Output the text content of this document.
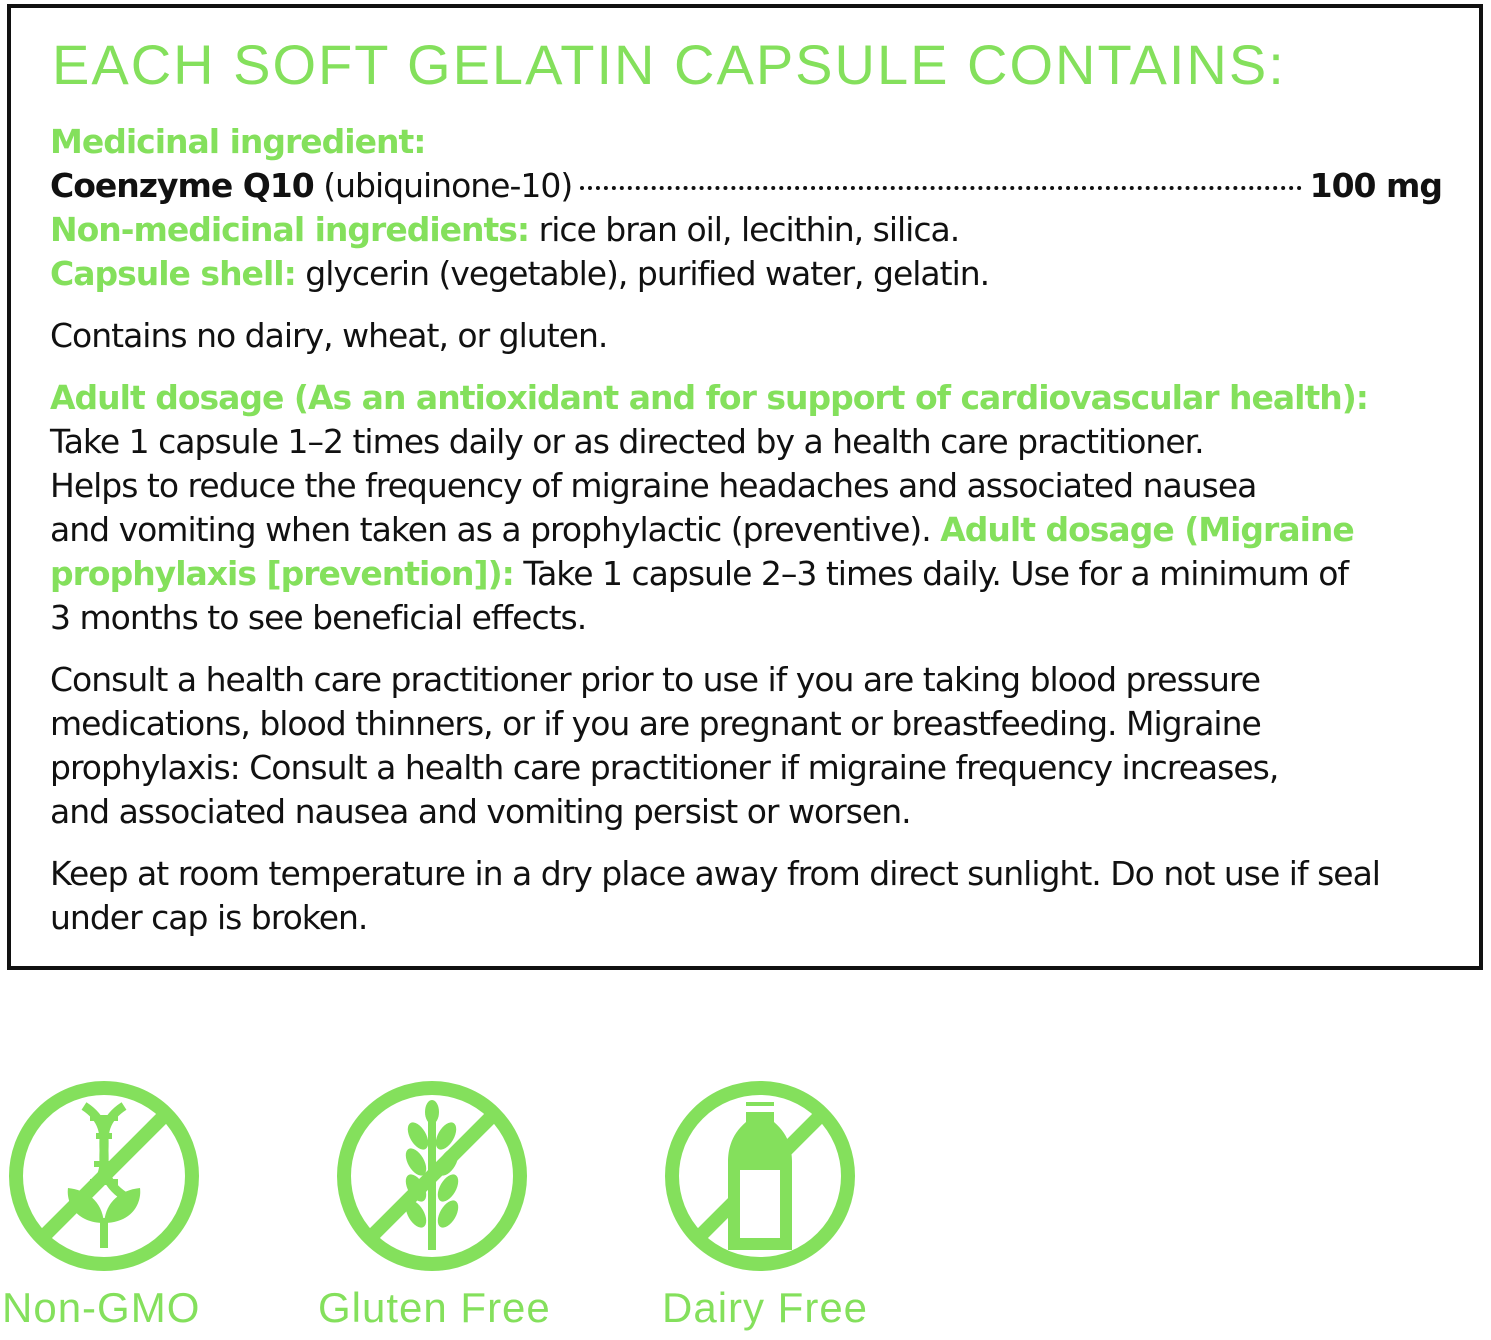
EACH SOFT GELATIN CAPSULE CONTAINS:
Medicinal ingredient:
Coenzyme Q10
(ubiquinone-10)	100 mg
Non-medicinal ingredients: rice bran oil, lecithin, silica.
Capsule shell: glycerin (vegetable), purified water, gelatin.
Contains no dairy, wheat, or gluten.
Adult dosage (As an antioxidant and for support of cardiovascular health):
Take 1 capsule 1–2 times daily or as directed by a health care practitioner.
Helps to reduce the frequency of migraine headaches and associated nausea
and vomiting when taken as a prophylactic (preventive). Adult dosage (Migraine
prophylaxis [prevention]): Take 1 capsule 2–3 times daily. Use for a minimum of
3 months to see beneficial effects.
Consult a health care practitioner prior to use if you are taking blood pressure
medications, blood thinners, or if you are pregnant or breastfeeding. Migraine
prophylaxis: Consult a health care practitioner if migraine frequency increases,
and associated nausea and vomiting persist or worsen.
Keep at room temperature in a dry place away from direct sunlight. Do not use if seal
under cap is broken.
Non-GMO	Gluten Free	Dairy Free
